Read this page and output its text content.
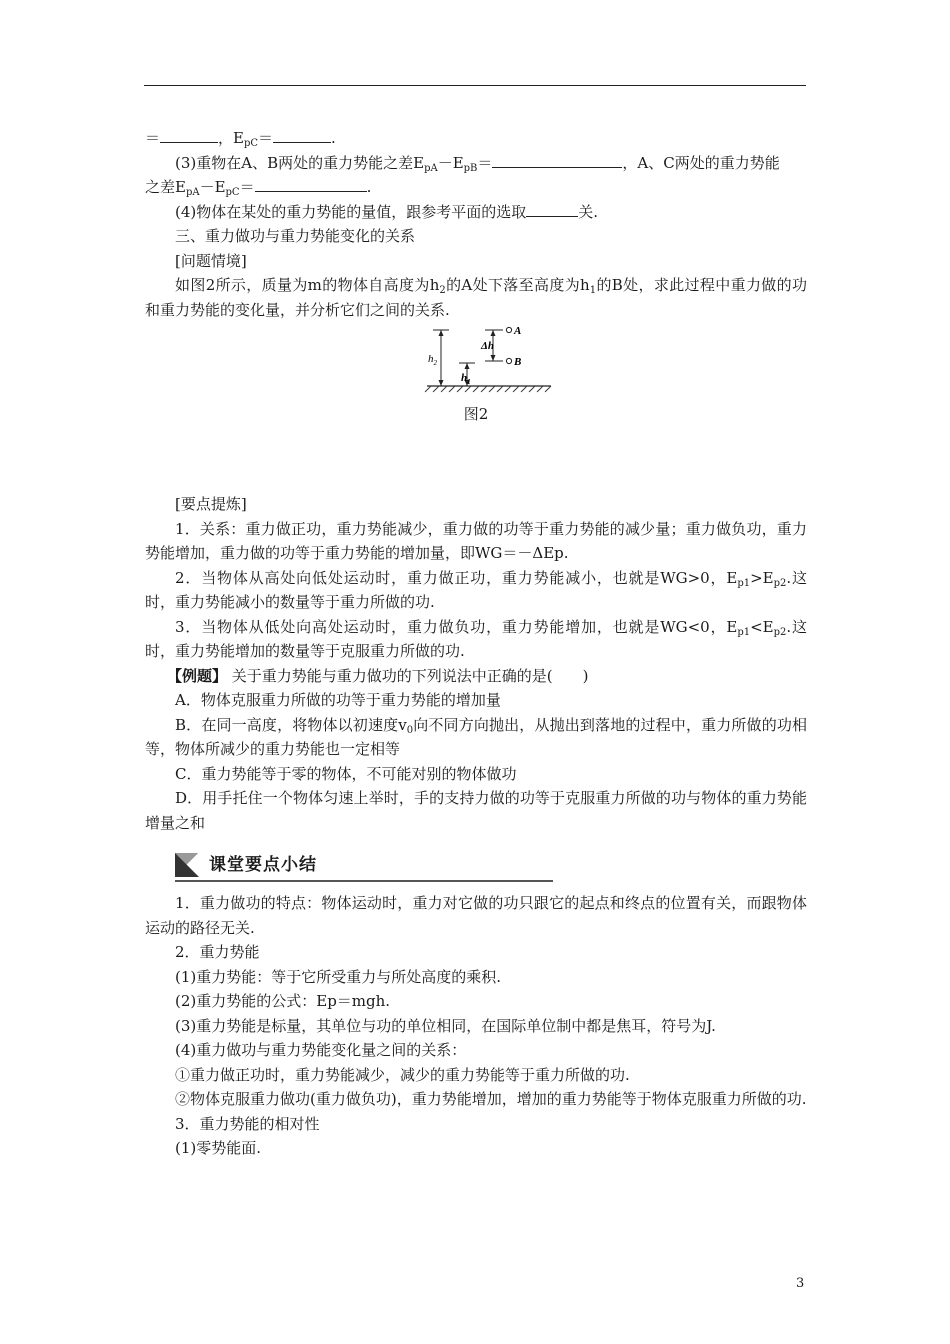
＝	，$E_{pC}=$	.

(3)重物在A、B两处的重力势能之差$E_{pA}-E_{pB}=$	，A、C两处的重力势能
之差$E_{pA}-E_{pC}=$	.

(4)物体在某处的重力势能的量值，跟参考平面的选取	关.

三、重力做功与重力势能变化的关系

[问题情境]

如图2所示，质量为m的物体自高度为$h_2$的A处下落至高度为$h_1$的B处，求此过程中重力做的功和重力势能的变化量，并分析它们之间的关系.

$h_2$
$h_1$
Δh
A
B
图2

[要点提炼]

1．关系：重力做正功，重力势能减少，重力做的功等于重力势能的减少量；重力做负功，重力势能增加，重力做的功等于重力势能的增加量，即WG＝－ΔEp.

2．当物体从高处向低处运动时，重力做正功，重力势能减小，也就是WG>0，$E_{p1}>E_{p2}$.这时，重力势能减小的数量等于重力所做的功.

3．当物体从低处向高处运动时，重力做负功，重力势能增加，也就是WG<0，$E_{p1}<E_{p2}$.这时，重力势能增加的数量等于克服重力所做的功.

【例题】 关于重力势能与重力做功的下列说法中正确的是(　　)

A．物体克服重力所做的功等于重力势能的增加量

B．在同一高度，将物体以初速度$v_0$向不同方向抛出，从抛出到落地的过程中，重力所做的功相等，物体所减少的重力势能也一定相等

C．重力势能等于零的物体，不可能对别的物体做功

D．用手托住一个物体匀速上举时，手的支持力做的功等于克服重力所做的功与物体的重力势能增量之和

课堂要点小结

1．重力做功的特点：物体运动时，重力对它做的功只跟它的起点和终点的位置有关，而跟物体运动的路径无关.

2．重力势能

(1)重力势能：等于它所受重力与所处高度的乘积.

(2)重力势能的公式：Ep＝mgh.

(3)重力势能是标量，其单位与功的单位相同，在国际单位制中都是焦耳，符号为J.

(4)重力做功与重力势能变化量之间的关系：

①重力做正功时，重力势能减少，减少的重力势能等于重力所做的功.

②物体克服重力做功(重力做负功)，重力势能增加，增加的重力势能等于物体克服重力所做的功.

3．重力势能的相对性

(1)零势能面.

3
